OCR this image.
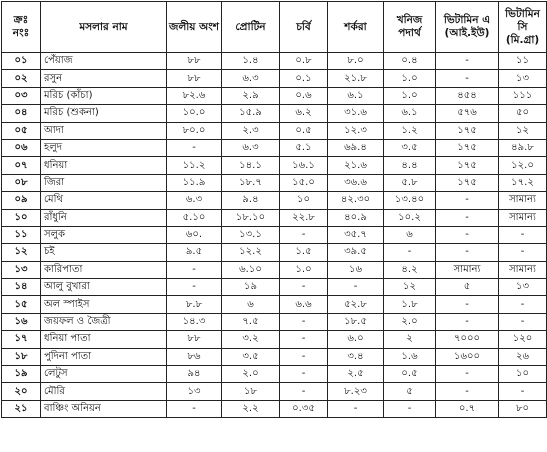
ক্রঃ নংঃ	মসলার নাম	জলীয় অংশ	প্রোটিন	চর্বি	শর্করা	খনিজ পদার্থ	ভিটামিন এ (আই.ইউ)	ভিটামিন সি (মি.গ্রা)
০১	পেঁয়াজ	৮৮	১.৪	০.৮	৮.০	০.৪	-	১১
০২	রসুন	৮৮	৬.৩	০.১	২১.৮	১.০	-	১৩
০৩	মরিচ (কাঁচা)	৮২.৬	২.৯	০.৬	৬.১	১.০	৪৫৪	১১১
০৪	মরিচ (শুকনা)	১০.০	১৫.৯	৬.২	৩১.৬	৬.১	৫৭৬	৫০
০৫	আদা	৮০.০	২.৩	০.৫	১২.৩	১.২	১৭৫	১২
০৬	হলুদ	-	৬.৩	৫.১	৬৯.৪	৩.৫	১৭৫	৪৯.৮
০৭	ধনিয়া	১১.২	১৪.১	১৬.১	২১.৬	৪.৪	১৭৫	১২.০
০৮	জিরা	১১.৯	১৮.৭	১৫.০	৩৬.৬	৫.৮	১৭৫	১৭.২
০৯	মেথি	৬.৩	৯.৪	১০	৪২.৩০	১৩.৪০	-	সামান্য
১০	রাঁধুনি	৫.১০	১৮.১০	২২.৮	৪০.৯	১০.২	-	সামান্য
১১	সলুক	৬০.	১৩.১	-	৩৫.৭	৬	-	-
১২	চই	৯.৫	১২.২	১.৫	৩৯.৫	-	-	-
১৩	কারিপাতা	-	৬.১০	১.০	১৬	৪.২	সামান্য	সামান্য
১৪	আলু বুখারা	-	১৯	-	-	১২	৫	১৩
১৫	অল স্পাইস	৮.৮	৬	৬.৬	৫২.৮	১.৮	-	-
১৬	জয়ফল ও জৈত্রী	১৪.৩	৭.৫	-	১৮.৫	২.০	-	-
১৭	ধনিয়া পাতা	৮৮	৩.২	-	৬.০	২	৭০০০	১২০
১৮	পুদিনা পাতা	৮৬	৩.৫	-	৩.৪	১.৬	১৬০০	২৬
১৯	লেটুস	৯৪	২.০	-	২.৫	০.৫	-	১০
২০	মৌরি	১৩	১৮	-	৮.২৩	৫	-	-
২১	বাঞ্চিং অনিয়ন	-	২.২	০.৩৫	-	-	০.৭	৮০
